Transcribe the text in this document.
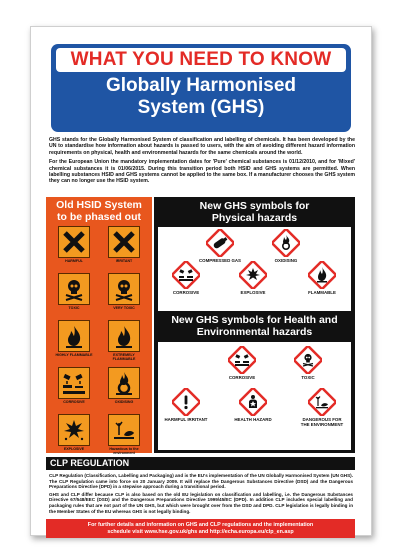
WHAT YOU NEED TO KNOW
Globally Harmonised
System (GHS)

GHS stands for the Globally Harmonised System of classification and labelling of chemicals. It has been developed by the UN to standardise how information about hazards is passed to users, with the aim of avoiding different hazard information requirements on physical, health and environmental hazards for the same chemicals around the world.

For the European Union the mandatory implementation dates for 'Pure' chemical substances is 01/12/2010, and for 'Mixed' chemical substances it is 01/06/2015. During this transition period both HSID and GHS systems are permitted. When labelling substances HSID and GHS systems cannot be applied to the same box. If a manufacturer chooses the GHS system they can no longer use the HSID system.

Old HSID System
to be phased out
HARMFUL	IRRITANT
TOXIC	VERY TOXIC
HIGHLY FLAMMABLE	EXTREMELY FLAMMABLE
CORROSIVE	OXIDISING
EXPLOSIVE	Hazardous to the environment
New GHS symbols for
Physical hazards
COMPRESSED GAS	OXIDISING
CORROSIVE	EXPLOSIVE	FLAMMABLE
New GHS symbols for Health and
Environmental hazards
CORROSIVE	TOXIC
HARMFUL IRRITANT	HEALTH HAZARD	DANGEROUS FOR THE ENVIRONMENT
CLP REGULATION

CLP Regulation (Classification, Labelling and Packaging) and is the EU's implementation of the UN Globally Harmonised System (UN GHS). The CLP Regulation came into force on 20 January 2009. It will replace the Dangerous Substances Directive (DSD) and the Dangerous Preparations Directive (DPD) in a stepwise approach during a transitional period.

GHS and CLP differ because CLP is also based on the old EU legislation on classification and labelling, i.e. the Dangerous Substances Directive 67/548/EEC (DSD) and the Dangerous Preparations Directive 1999/45/EC (DPD). In addition CLP includes special labelling and packaging rules that are not part of the UN GHS, but which were brought over from the DSD and DPD. CLP legislation is legally binding in the Member States of the EU whereas GHS is not legally binding.

For further details and information on GHS and CLP regulations and the implementation
schedule visit www.hse.gov.uk/ghs and http://echa.europa.eu/clp_en.asp
